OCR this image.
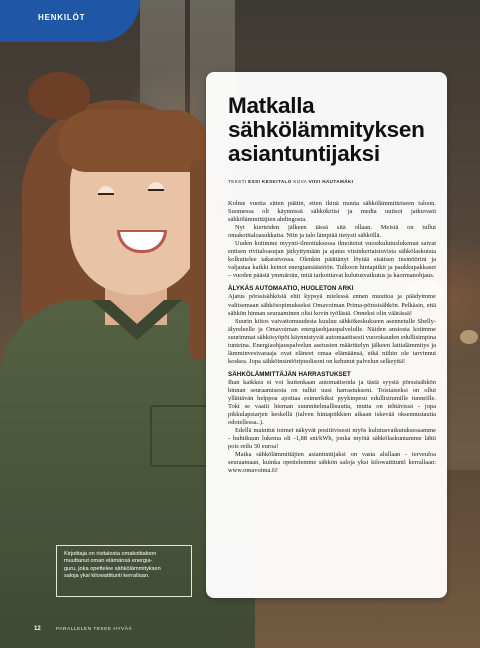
HENKILÖT
Matkalla sähkölämmityksen asiantuntijaksi
TEKSTI ESSI KESKITALO KUVA VIIVI HAUTAMÄKI

Kolme vuotta sitten päätin, etten ikinä muuta sähkölämmitteiseen taloon. Suomessa oli käynnissä sähkökriisi ja media uutisoi jatkuvasti sähkölämmittäjien ahdingosta.

Nyt kierteiden jälkeen tässä sitä ollaan. Meistä on tullut omakotitaloasukkaita. Niin ja talo lämpiää tietysti sähköllä.

Uuden kotimme myynti-ilmoituksessa ilmoitetut vuosikulutuslukemat saivat entisen rivitaloasujan järkyttymään ja ajatus viisinkertaistuvista sähkölaskuista kolkuttelee takaraivossa. Olenkin päättänyt löytää sisäisen insinöörini ja valjastaa kaikki keinot energiansäästöön. Tulkoon hintapiikit ja paukkupakkaset – vuoden päästä ymmärrän, mitä tarkoittavat kulutusvaikutus ja kaormanohjaus.

ÄLYKÄS AUTOMAATIO, HUOLETON ARKI

Ajatus pörssisähköstä ehti kypsyä mielessä ennen muuttoa ja päädyimme valitsemaan sähkösopimukseksi Omavoiman Prima-pörssisähkön. Pelkäsin, että sähkön hinnan seuraaminen olisi kovin työlästä. Onneksi olin väärässä!

Suurin kiitos vaivattomuudesta kuuluu sähkökeskukseen asennetulle Shelly-älyreleelle ja Omavoiman energiaohjauspalvelulle. Näiden ansiosta kotimme suurimmat sähkösyöpöt käynnistyvät automaattisesti vuorokauden edullisimpina tunteina. Energiaohjauspalvelun asetusten määrittelyn jälkeen lattialämmitys ja lämminvesivaraaja ovat eläneet omaa elämäänsä, eikä niihin ole tarvinnut koskea. Jopa sähköinsinööripuolisoni on kehunut palvelun selkeyttä!

SÄHKÖLÄMMITTÄJÄN HARRASTUKSET

Ihan kaikkea ei voi kuitenkaan automatisoida ja tästä syystä pörssisähkön hinnan seuraamisesta on tullut uusi harrastukseni. Toistaiseksi on ollut yllättävän helppoa ajoittaa esimerkiksi pyykinpesu edullisimmille tunneille. Toki se vaatii hieman suunnitelmallisuutta, mutta on tehtävissä - jopa pikkulapsiarjen keskellä (talven hintapiikkien aikaan iskevää oksennustautia odotellessa..).

Edellä mainitut toimet näkyvät positiivisesti myös kulutusvaikutuksessamme - huhtikuun lukema oli -1,88 snt/kWh, jonka myötä sähkölaskuntamme lähti pois reilu 30 euroa!

Matka sähkölämmittäjien asiantuntijaksi on vasta alullaan - terveuloa seuraamaan, kuinka opettelemme sähkön saloja yksi kilowattituntl kerrallaan: www.omavoima.fi!

Kirjoittaja on rivitalosta omakotitaloon
muuttanut oman elämänsä energia-
guru, joka opettelee sähkölämmityksen
saloja yksi kilowattitunti kerrallaan.
12	PARALLELEN TEKEE HYVÄÄ
